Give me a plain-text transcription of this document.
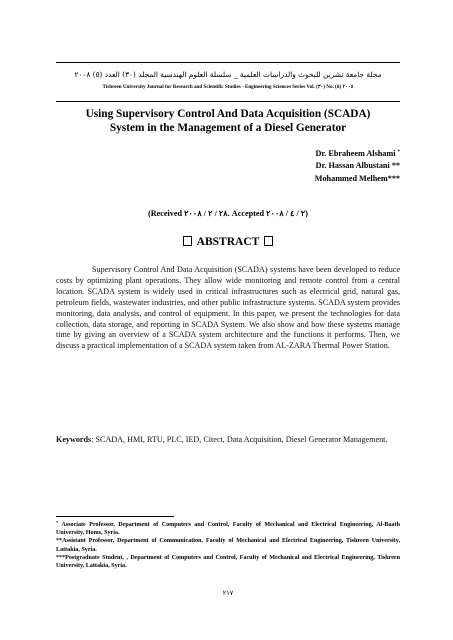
مجلة جامعة تشرين للبحوث والدراسات العلمية _ سلسلة العلوم الهندسية المجلد (٣٠) العدد (٥) ٢٠٠٨
Tishreen University Journal for Research and Scientific Studies - Engineering Sciences Series Vol. (٣٠) No. (٥) ٢٠٠٨
Using Supervisory Control And Data Acquisition (SCADA)
System in the Management of a Diesel Generator
Dr. Ebraheem Alshami *
Dr. Hassan Albustani **
Mohammed Melhem***
(Received ٢٨ / ٢ / ٢٠٠٨. Accepted ٢ / ٤ / ٢٠٠٨)
ABSTRACT
Supervisory Control And Data Acquisition (SCADA) systems have been developed to reduce costs by optimizing plant operations. They allow wide monitoring and remote control from a central location. SCADA system is widely used in critical infrastructures such as electrical grid, natural gas, petroleum fields, wastewater industries, and other public infrastructure systems. SCADA system provides monitoring, data analysis, and control of equipment. In this paper, we present the technologies for data collection, data storage, and reporting in SCADA System. We also show and how these systems manage time by giving an overview of a SCADA system architecture and the functions it performs. Then, we discuss a practical implementation of a SCADA system taken from AL-ZARA Thermal Power Station.
Keywords: SCADA, HMI, RTU, PLC, IED, Citect, Data Acquisition, Diesel Generator Management.

* Associate Professor, Department of Computers and Control, Faculty of Mechanical and Electrical Engineering, Al-Baath University, Homs, Syria.

**Assistant Professor, Department of Communication, Faculty of Mechanical and Electrical Engineering, Tishreen University, Lattakia, Syria.

***Postgraduate Student, , Department of Computers and Control, Faculty of Mechanical and Electrical Engineering, Tishreen University, Lattakia, Syria.

٢١٧
